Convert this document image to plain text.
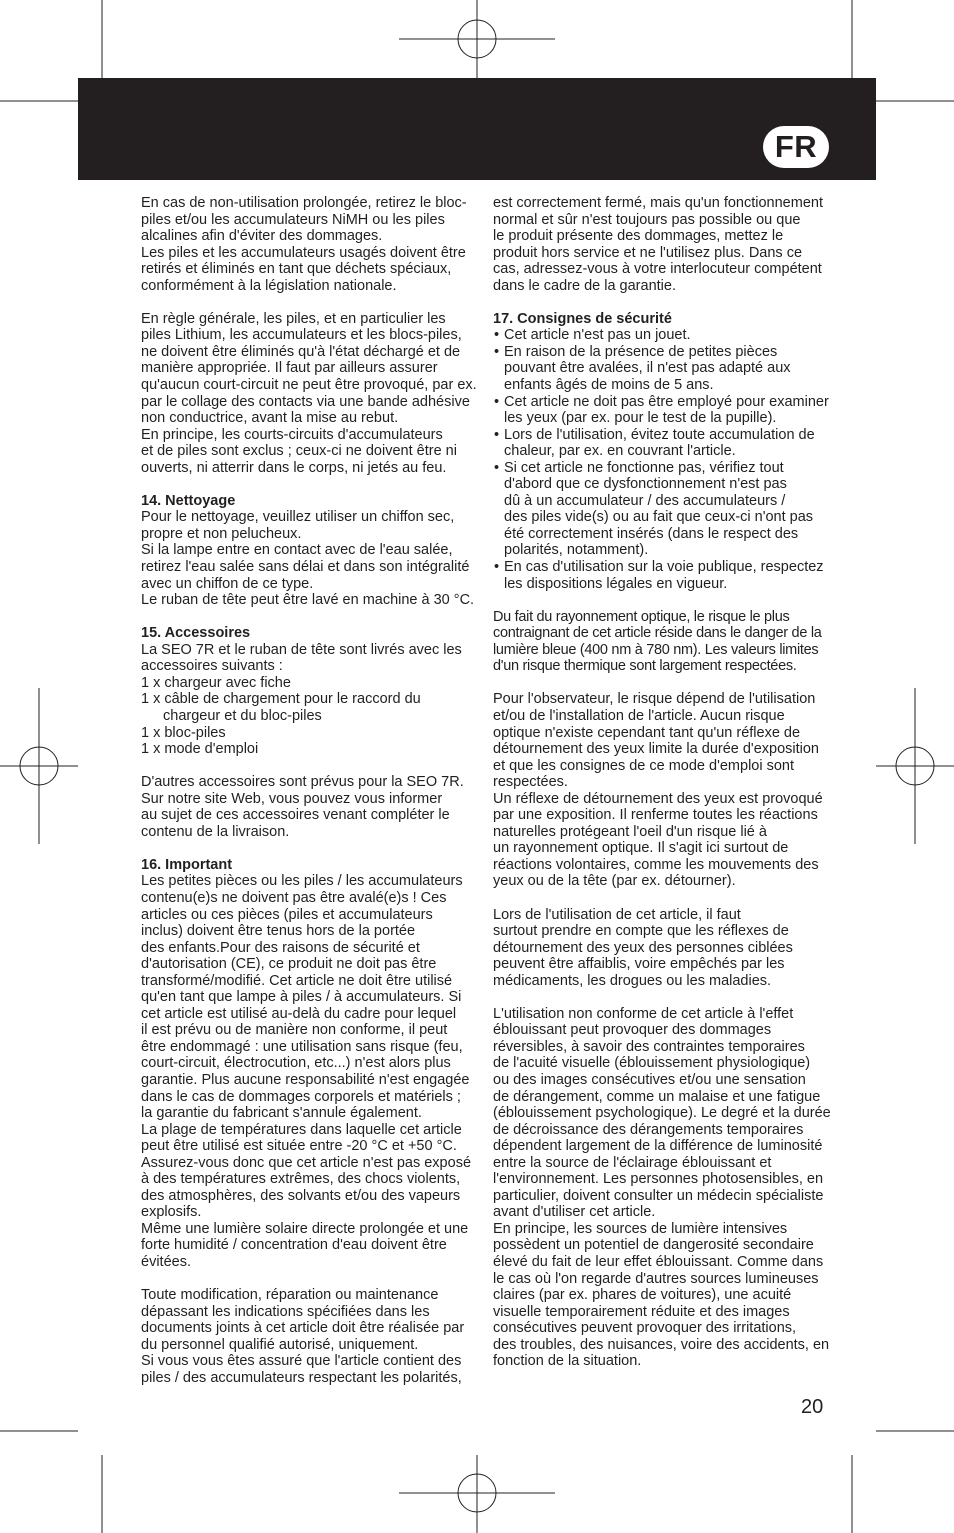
FR

En cas de non-utilisation prolongée, retirez le bloc-
piles et/ou les accumulateurs NiMH ou les piles
alcalines afin d'éviter des dommages.

Les piles et les accumulateurs usagés doivent être
retirés et éliminés en tant que déchets spéciaux,
conformément à la législation nationale.

En règle générale, les piles, et en particulier les
piles Lithium, les accumulateurs et les blocs-piles,
ne doivent être éliminés qu'à l'état déchargé et de
manière appropriée. Il faut par ailleurs assurer
qu'aucun court-circuit ne peut être provoqué, par ex.
par le collage des contacts via une bande adhésive
non conductrice, avant la mise au rebut.

En principe, les courts-circuits d'accumulateurs
et de piles sont exclus ; ceux-ci ne doivent être ni
ouverts, ni atterrir dans le corps, ni jetés au feu.

14. Nettoyage

Pour le nettoyage, veuillez utiliser un chiffon sec,
propre et non pelucheux.

Si la lampe entre en contact avec de l'eau salée,
retirez l'eau salée sans délai et dans son intégralité
avec un chiffon de ce type.

Le ruban de tête peut être lavé en machine à 30 °C.

15. Accessoires

La SEO 7R et le ruban de tête sont livrés avec les
accessoires suivants :

1 x chargeur avec fiche
1 x câble de chargement pour le raccord du
chargeur et du bloc-piles
1 x bloc-piles
1 x mode d'emploi

D'autres accessoires sont prévus pour la SEO 7R.
Sur notre site Web, vous pouvez vous informer
au sujet de ces accessoires venant compléter le
contenu de la livraison.

16. Important

Les petites pièces ou les piles / les accumulateurs
contenu(e)s ne doivent pas être avalé(e)s ! Ces
articles ou ces pièces (piles et accumulateurs
inclus) doivent être tenus hors de la portée
des enfants.Pour des raisons de sécurité et
d'autorisation (CE), ce produit ne doit pas être
transformé/modifié. Cet article ne doit être utilisé
qu'en tant que lampe à piles / à accumulateurs. Si
cet article est utilisé au-delà du cadre pour lequel
il est prévu ou de manière non conforme, il peut
être endommagé : une utilisation sans risque (feu,
court-circuit, électrocution, etc...) n'est alors plus
garantie. Plus aucune responsabilité n'est engagée
dans le cas de dommages corporels et matériels ;
la garantie du fabricant s'annule également.

La plage de températures dans laquelle cet article
peut être utilisé est située entre -20 °C et +50 °C.
Assurez-vous donc que cet article n'est pas exposé
à des températures extrêmes, des chocs violents,
des atmosphères, des solvants et/ou des vapeurs
explosifs.

Même une lumière solaire directe prolongée et une
forte humidité / concentration d'eau doivent être
évitées.

Toute modification, réparation ou maintenance
dépassant les indications spécifiées dans les
documents joints à cet article doit être réalisée par
du personnel qualifié autorisé, uniquement.

Si vous vous êtes assuré que l'article contient des
piles / des accumulateurs respectant les polarités,

est correctement fermé, mais qu'un fonctionnement
normal et sûr n'est toujours pas possible ou que
le produit présente des dommages, mettez le
produit hors service et ne l'utilisez plus. Dans ce
cas, adressez-vous à votre interlocuteur compétent
dans le cadre de la garantie.

17. Consignes de sécurité
•
Cet article n'est pas un jouet.
•
En raison de la présence de petites pièces
pouvant être avalées, il n'est pas adapté aux
enfants âgés de moins de 5 ans.
•
Cet article ne doit pas être employé pour examiner
les yeux (par ex. pour le test de la pupille).
•
Lors de l'utilisation, évitez toute accumulation de
chaleur, par ex. en couvrant l'article.
•
Si cet article ne fonctionne pas, vérifiez tout
d'abord que ce dysfonctionnement n'est pas
dû à un accumulateur / des accumulateurs /
des piles vide(s) ou au fait que ceux-ci n'ont pas
été correctement insérés (dans le respect des
polarités, notamment).
•
En cas d'utilisation sur la voie publique, respectez
les dispositions légales en vigueur.

Du fait du rayonnement optique, le risque le plus
contraignant de cet article réside dans le danger de la
lumière bleue (400 nm à 780 nm). Les valeurs limites
d'un risque thermique sont largement respectées.

Pour l'observateur, le risque dépend de l'utilisation
et/ou de l'installation de l'article. Aucun risque
optique n'existe cependant tant qu'un réflexe de
détournement des yeux limite la durée d'exposition
et que les consignes de ce mode d'emploi sont
respectées.

Un réflexe de détournement des yeux est provoqué
par une exposition. Il renferme toutes les réactions
naturelles protégeant l'oeil d'un risque lié à
un rayonnement optique. Il s'agit ici surtout de
réactions volontaires, comme les mouvements des
yeux ou de la tête (par ex. détourner).

Lors de l'utilisation de cet article, il faut
surtout prendre en compte que les réflexes de
détournement des yeux des personnes ciblées
peuvent être affaiblis, voire empêchés par les
médicaments, les drogues ou les maladies.

L'utilisation non conforme de cet article à l'effet
éblouissant peut provoquer des dommages
réversibles, à savoir des contraintes temporaires
de l'acuité visuelle (éblouissement physiologique)
ou des images consécutives et/ou une sensation
de dérangement, comme un malaise et une fatigue
(éblouissement psychologique). Le degré et la durée
de décroissance des dérangements temporaires
dépendent largement de la différence de luminosité
entre la source de l'éclairage éblouissant et
l'environnement. Les personnes photosensibles, en
particulier, doivent consulter un médecin spécialiste
avant d'utiliser cet article.

En principe, les sources de lumière intensives
possèdent un potentiel de dangerosité secondaire
élevé du fait de leur effet éblouissant. Comme dans
le cas où l'on regarde d'autres sources lumineuses
claires (par ex. phares de voitures), une acuité
visuelle temporairement réduite et des images
consécutives peuvent provoquer des irritations,
des troubles, des nuisances, voire des accidents, en
fonction de la situation.

20
